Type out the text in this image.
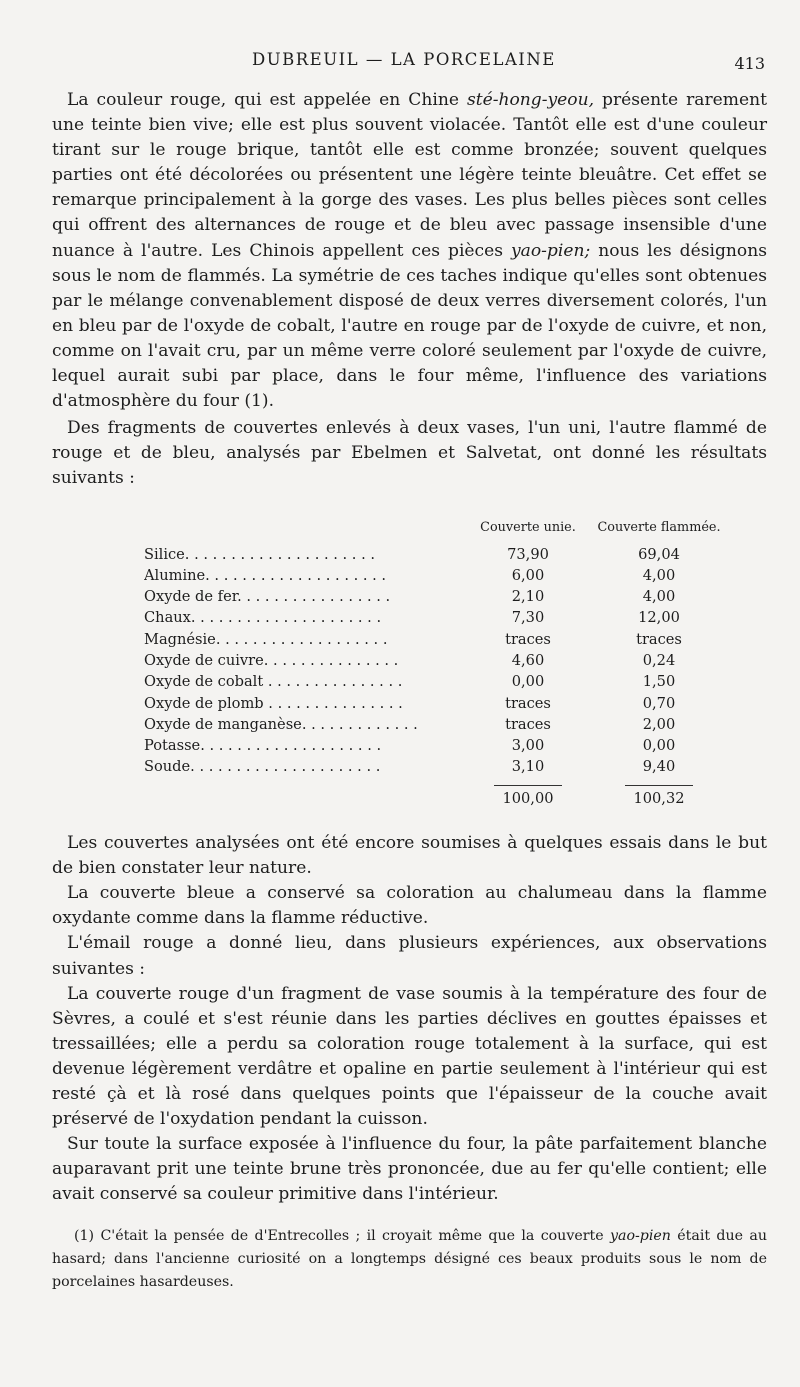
DUBREUIL — LA PORCELAINE	413

La couleur rouge, qui est appelée en Chine sté-hong-yeou, présente rarement une teinte bien vive; elle est plus souvent violacée. Tantôt elle est d'une couleur tirant sur le rouge brique, tantôt elle est comme bronzée; souvent quelques parties ont été décolorées ou présentent une légère teinte bleuâtre. Cet effet se remarque principalement à la gorge des vases. Les plus belles pièces sont celles qui offrent des alternances de rouge et de bleu avec passage insensible d'une nuance à l'autre. Les Chinois appellent ces pièces yao-pien; nous les désignons sous le nom de flammés. La symétrie de ces taches indique qu'elles sont obtenues par le mélange convenablement disposé de deux verres diversement colorés, l'un en bleu par de l'oxyde de cobalt, l'autre en rouge par de l'oxyde de cuivre, et non, comme on l'avait cru, par un même verre coloré seulement par l'oxyde de cuivre, lequel aurait subi par place, dans le four même, l'influence des variations d'atmosphère du four (1).

Des fragments de couvertes enlevés à deux vases, l'un uni, l'autre flammé de rouge et de bleu, analysés par Ebelmen et Salvetat, ont donné les résultats suivants :

	Couverte unie.	Couverte flammée.
Silice. . . . . . . . . . . . . . . . . . . . .	73,90	69,04
Alumine. . . . . . . . . . . . . . . . . . . .	6,00	4,00
Oxyde de fer. . . . . . . . . . . . . . . . .	2,10	4,00
Chaux. . . . . . . . . . . . . . . . . . . . .	7,30	12,00
Magnésie. . . . . . . . . . . . . . . . . . .	traces	traces
Oxyde de cuivre. . . . . . . . . . . . . . .	4,60	0,24
Oxyde de cobalt . . . . . . . . . . . . . . .	0,00	1,50
Oxyde de plomb . . . . . . . . . . . . . . .	traces	0,70
Oxyde de manganèse. . . . . . . . . . . . .	traces	2,00
Potasse. . . . . . . . . . . . . . . . . . . .	3,00	0,00
Soude. . . . . . . . . . . . . . . . . . . . .	3,10	9,40
	100,00	100,32

Les couvertes analysées ont été encore soumises à quelques essais dans le but de bien constater leur nature.

La couverte bleue a conservé sa coloration au chalumeau dans la flamme oxydante comme dans la flamme réductive.

L'émail rouge a donné lieu, dans plusieurs expériences, aux observations suivantes :

La couverte rouge d'un fragment de vase soumis à la température des four de Sèvres, a coulé et s'est réunie dans les parties déclives en gouttes épaisses et tressaillées; elle a perdu sa coloration rouge totalement à la surface, qui est devenue légèrement verdâtre et opaline en partie seulement à l'intérieur qui est resté çà et là rosé dans quelques points que l'épaisseur de la couche avait préservé de l'oxydation pendant la cuisson.

Sur toute la surface exposée à l'influence du four, la pâte parfaitement blanche auparavant prit une teinte brune très prononcée, due au fer qu'elle contient; elle avait conservé sa couleur primitive dans l'intérieur.

(1) C'était la pensée de d'Entrecolles ; il croyait même que la couverte yao-pien était due au hasard; dans l'ancienne curiosité on a longtemps désigné ces beaux produits sous le nom de porcelaines hasardeuses.
